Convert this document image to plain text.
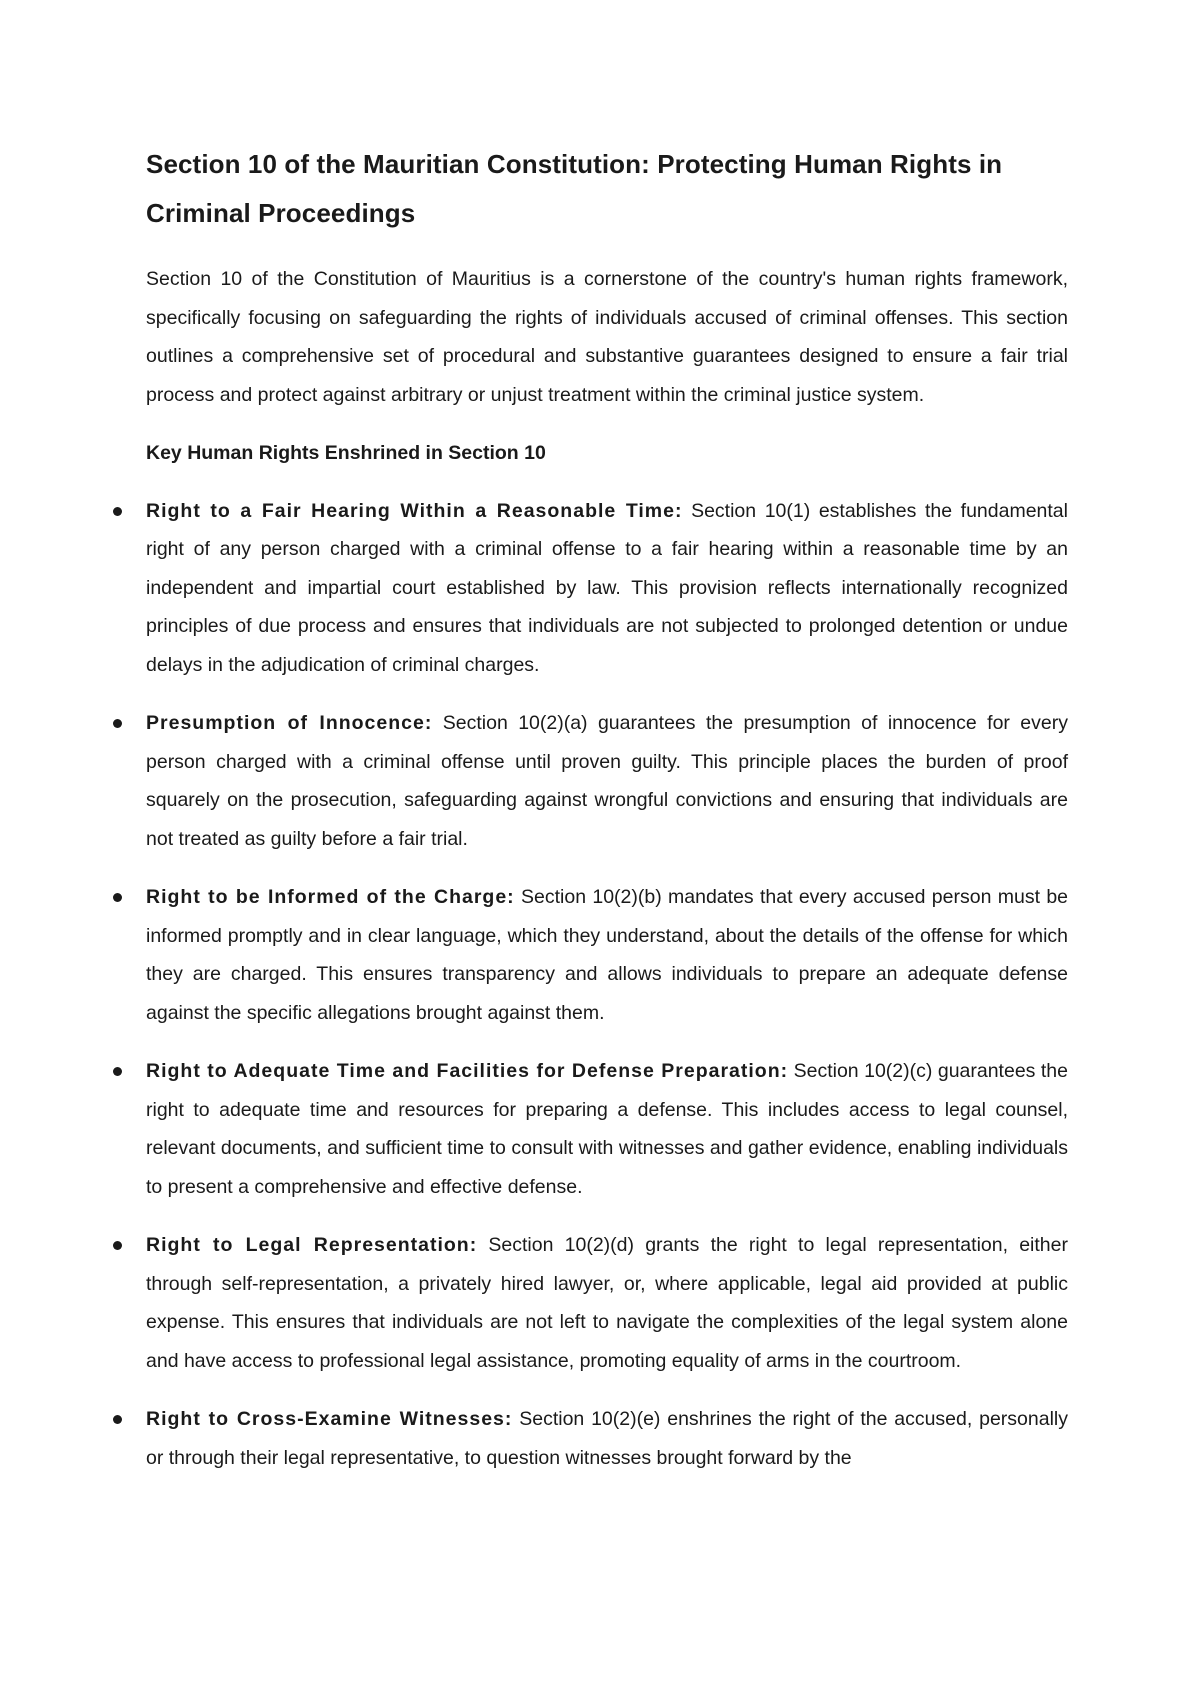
Section 10 of the Mauritian Constitution: Protecting Human Rights in Criminal Proceedings

Section 10 of the Constitution of Mauritius is a cornerstone of the country's human rights framework, specifically focusing on safeguarding the rights of individuals accused of criminal offenses. This section outlines a comprehensive set of procedural and substantive guarantees designed to ensure a fair trial process and protect against arbitrary or unjust treatment within the criminal justice system.

Key Human Rights Enshrined in Section 10

Right to a Fair Hearing Within a Reasonable Time: Section 10(1) establishes the fundamental right of any person charged with a criminal offense to a fair hearing within a reasonable time by an independent and impartial court established by law. This provision reflects internationally recognized principles of due process and ensures that individuals are not subjected to prolonged detention or undue delays in the adjudication of criminal charges.
Presumption of Innocence: Section 10(2)(a) guarantees the presumption of innocence for every person charged with a criminal offense until proven guilty. This principle places the burden of proof squarely on the prosecution, safeguarding against wrongful convictions and ensuring that individuals are not treated as guilty before a fair trial.
Right to be Informed of the Charge: Section 10(2)(b) mandates that every accused person must be informed promptly and in clear language, which they understand, about the details of the offense for which they are charged. This ensures transparency and allows individuals to prepare an adequate defense against the specific allegations brought against them.
Right to Adequate Time and Facilities for Defense Preparation: Section 10(2)(c) guarantees the right to adequate time and resources for preparing a defense. This includes access to legal counsel, relevant documents, and sufficient time to consult with witnesses and gather evidence, enabling individuals to present a comprehensive and effective defense.
Right to Legal Representation: Section 10(2)(d) grants the right to legal representation, either through self-representation, a privately hired lawyer, or, where applicable, legal aid provided at public expense. This ensures that individuals are not left to navigate the complexities of the legal system alone and have access to professional legal assistance, promoting equality of arms in the courtroom.
Right to Cross-Examine Witnesses: Section 10(2)(e) enshrines the right of the accused, personally or through their legal representative, to question witnesses brought forward by the
